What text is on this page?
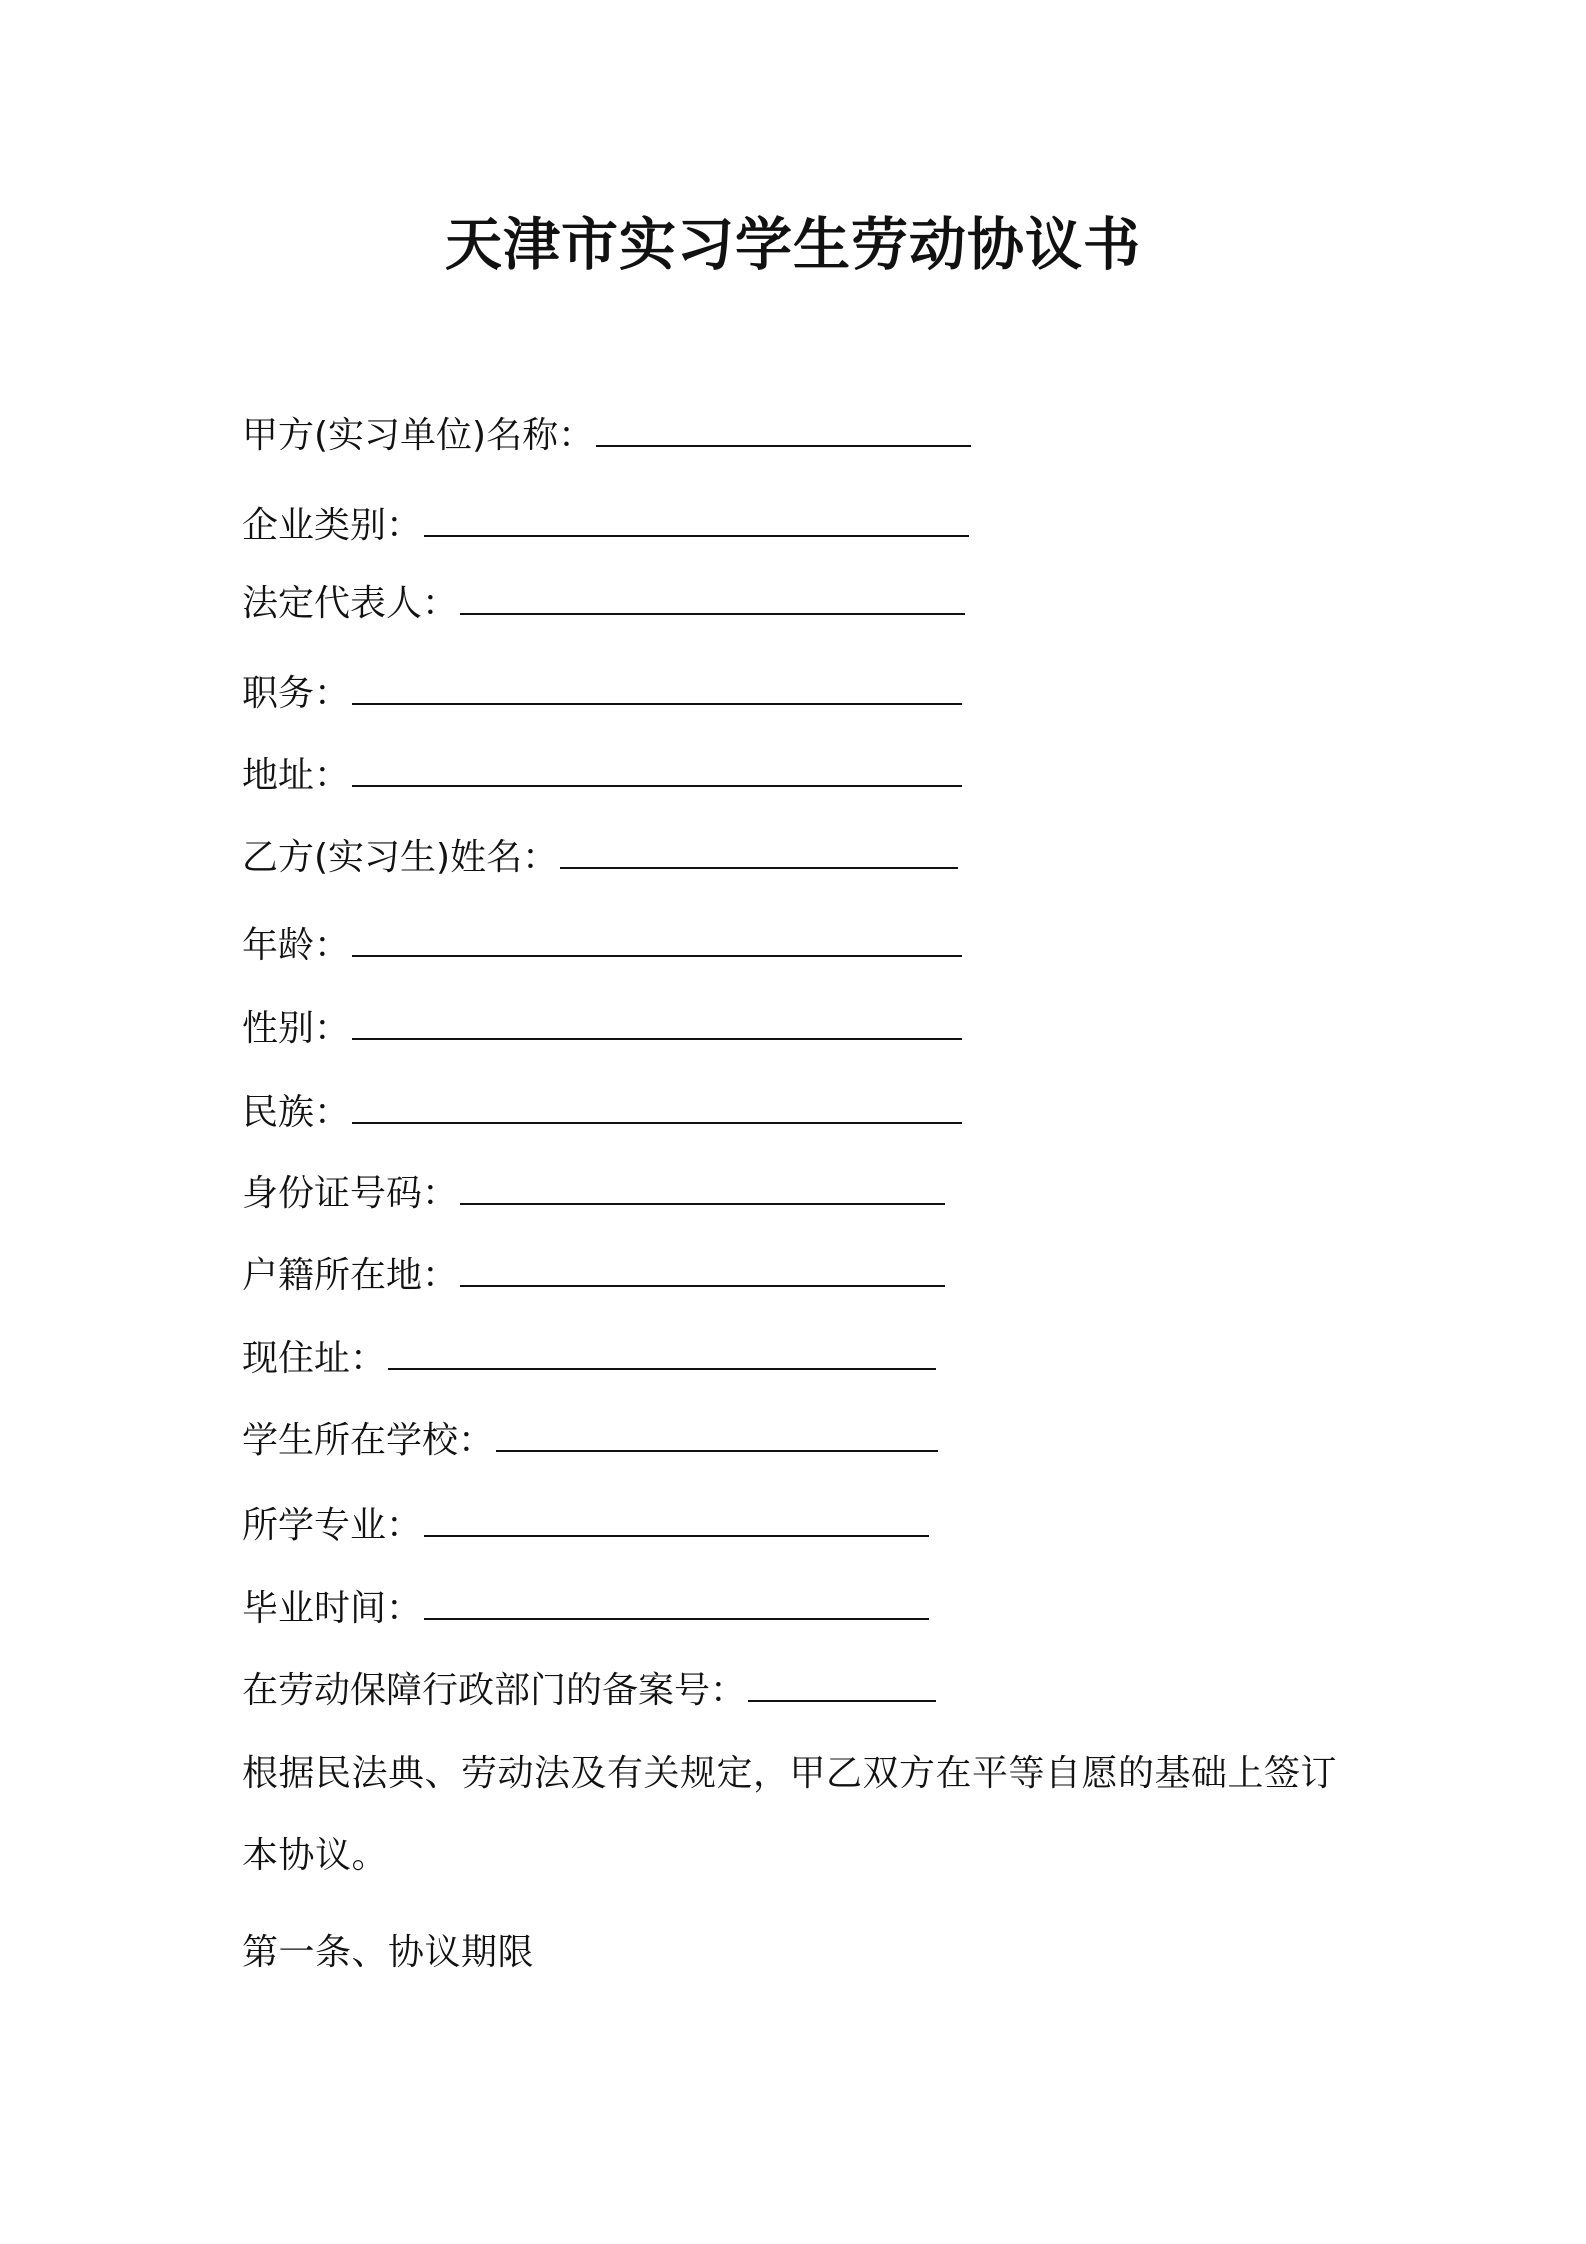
天津市实习学生劳动协议书
甲方(实习单位)名称：
企业类别：
法定代表人：
职务：
地址：
乙方(实习生)姓名：
年龄：
性别：
民族：
身份证号码：
户籍所在地：
现住址：
学生所在学校：
所学专业：
毕业时间：
在劳动保障行政部门的备案号：
根据民法典、劳动法及有关规定，甲乙双方在平等自愿的基础上签订本协议。
第一条、协议期限
